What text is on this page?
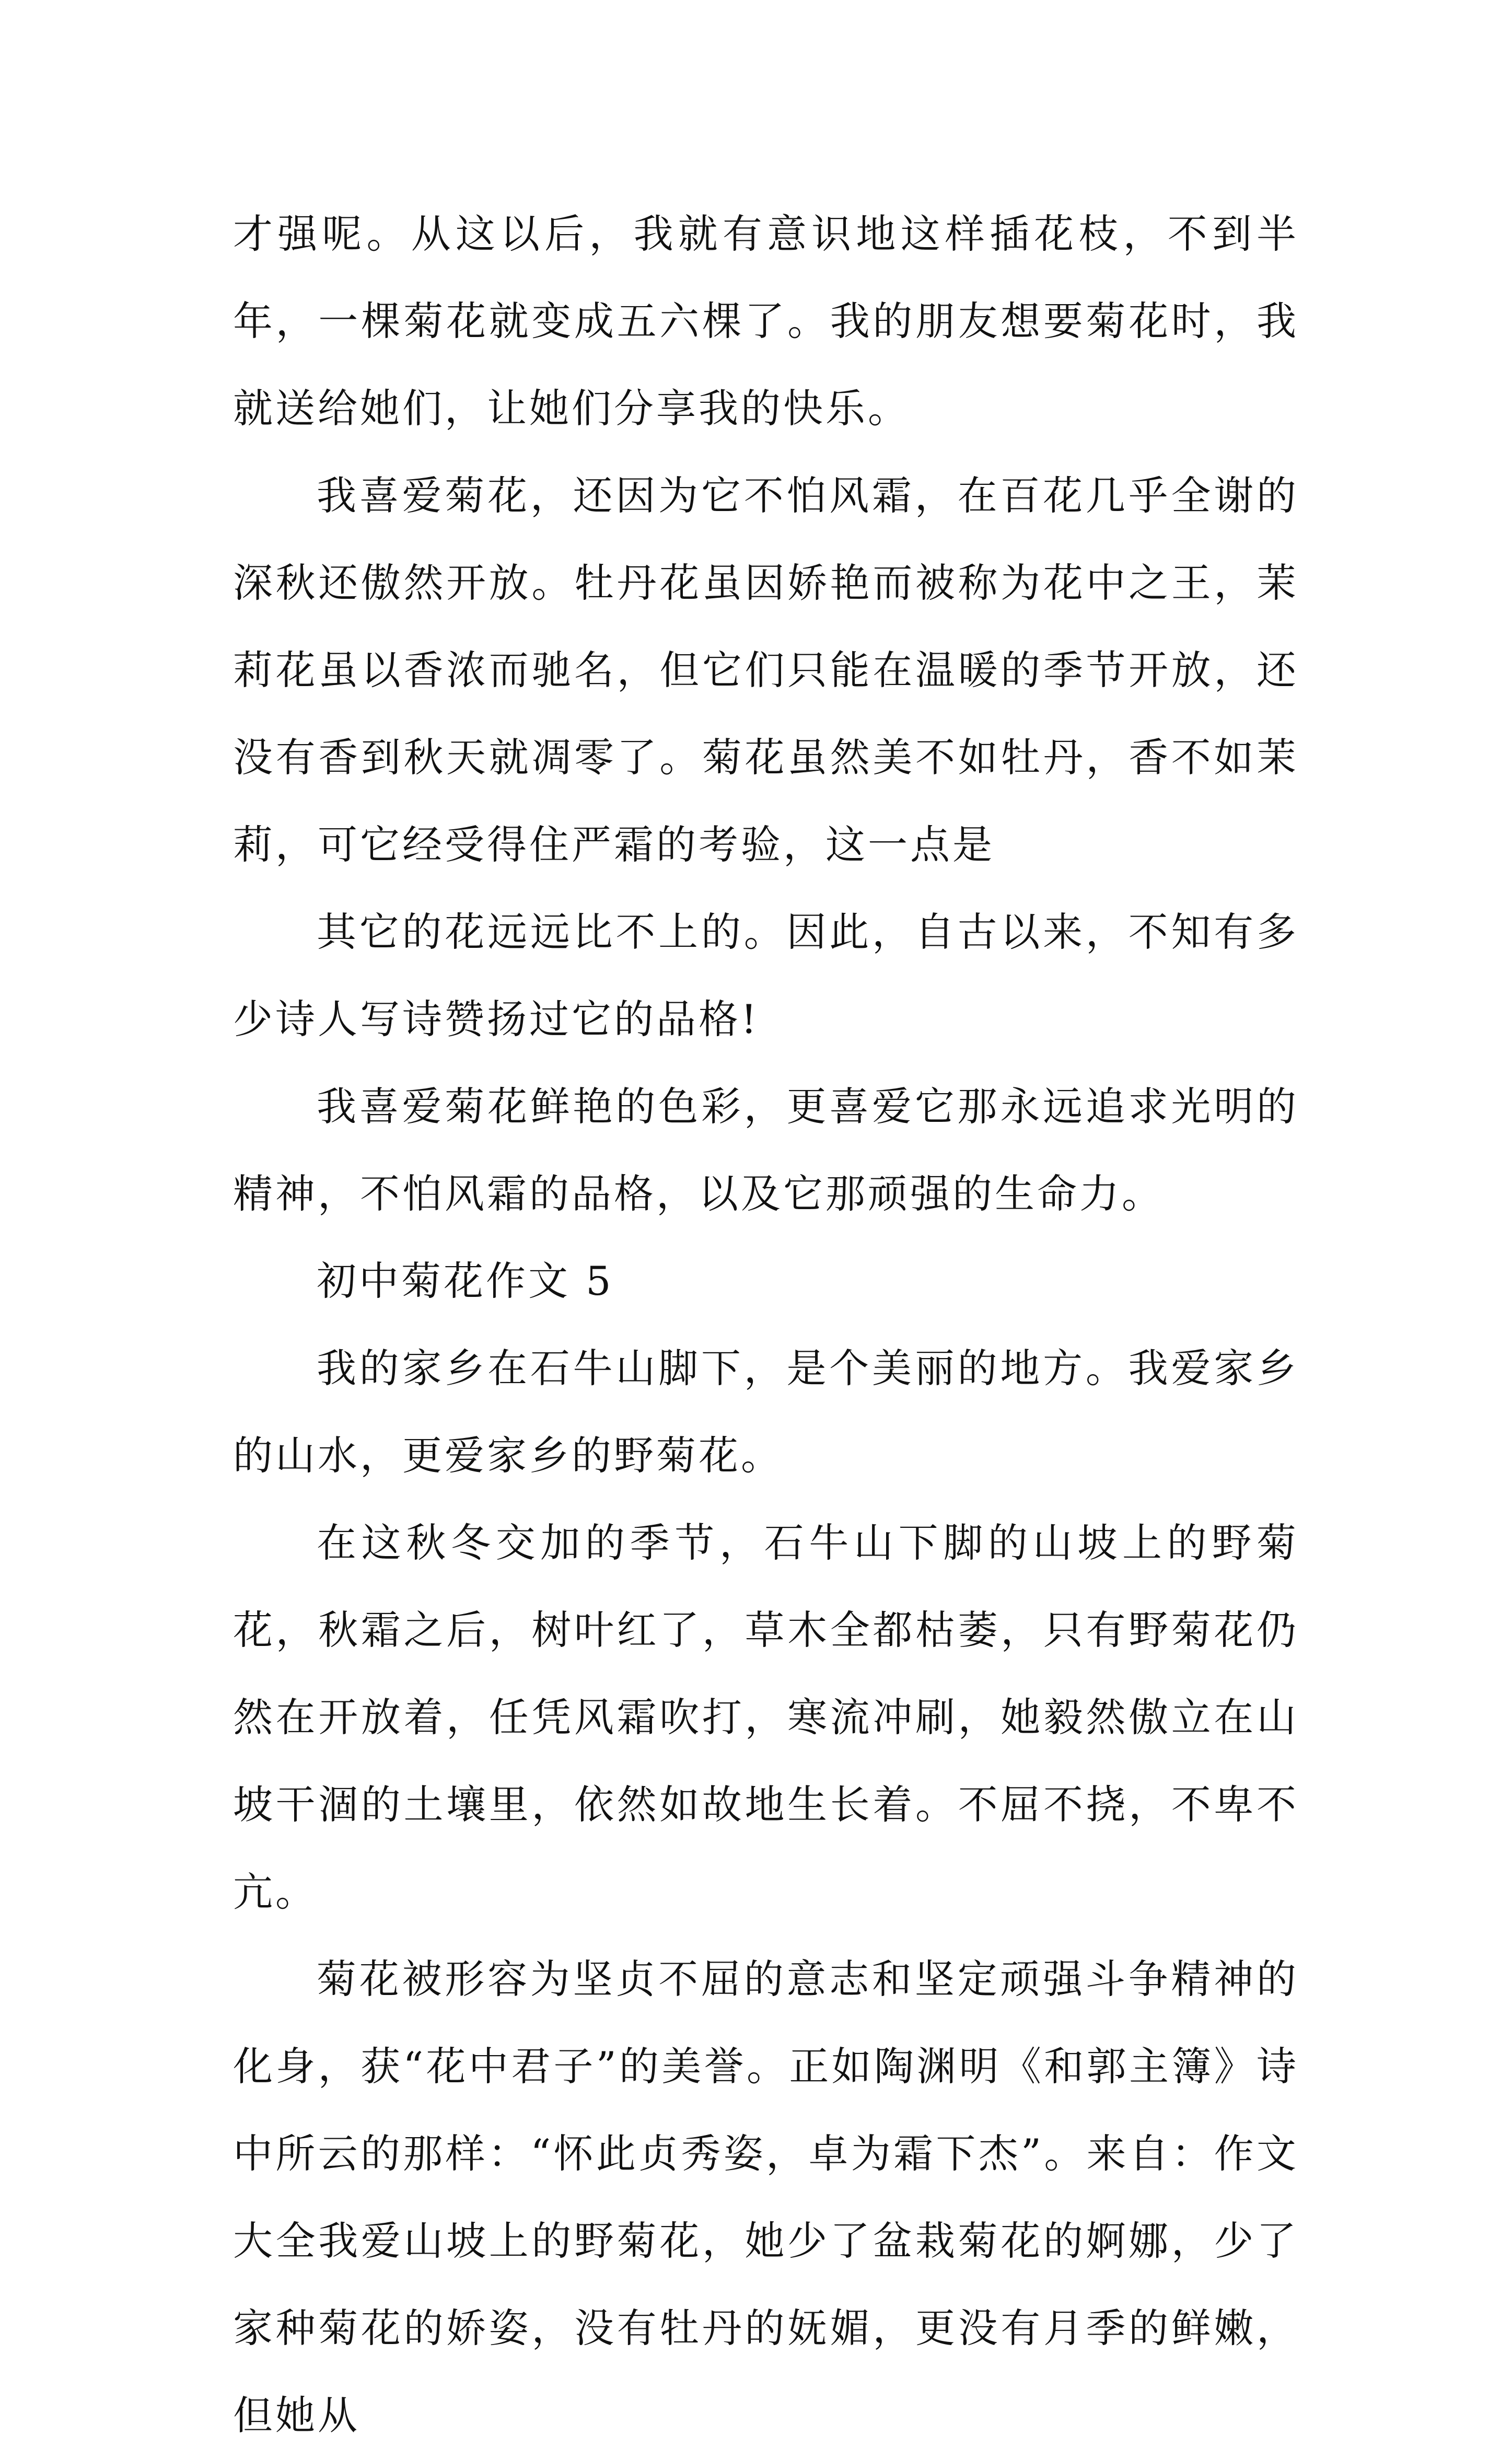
才强呢。从这以后，我就有意识地这样插花枝，不到半年，一棵菊花就变成五六棵了。我的朋友想要菊花时，我就送给她们，让她们分享我的快乐。

我喜爱菊花，还因为它不怕风霜，在百花几乎全谢的深秋还傲然开放。牡丹花虽因娇艳而被称为花中之王，茉莉花虽以香浓而驰名，但它们只能在温暖的季节开放，还没有香到秋天就凋零了。菊花虽然美不如牡丹，香不如茉莉，可它经受得住严霜的考验，这一点是

其它的花远远比不上的。因此，自古以来，不知有多少诗人写诗赞扬过它的品格!

我喜爱菊花鲜艳的色彩，更喜爱它那永远追求光明的精神，不怕风霜的品格，以及它那顽强的生命力。

初中菊花作文 5

我的家乡在石牛山脚下，是个美丽的地方。我爱家乡的山水，更爱家乡的野菊花。

在这秋冬交加的季节，石牛山下脚的山坡上的野菊花，秋霜之后，树叶红了，草木全都枯萎，只有野菊花仍然在开放着，任凭风霜吹打，寒流冲刷，她毅然傲立在山坡干涸的土壤里，依然如故地生长着。不屈不挠，不卑不亢。

菊花被形容为坚贞不屈的意志和坚定顽强斗争精神的化身，获“花中君子”的美誉。正如陶渊明《和郭主簿》诗中所云的那样：“怀此贞秀姿，卓为霜下杰”。来自：作文大全我爱山坡上的野菊花，她少了盆栽菊花的婀娜，少了家种菊花的娇姿，没有牡丹的妩媚，更没有月季的鲜嫩，但她从
